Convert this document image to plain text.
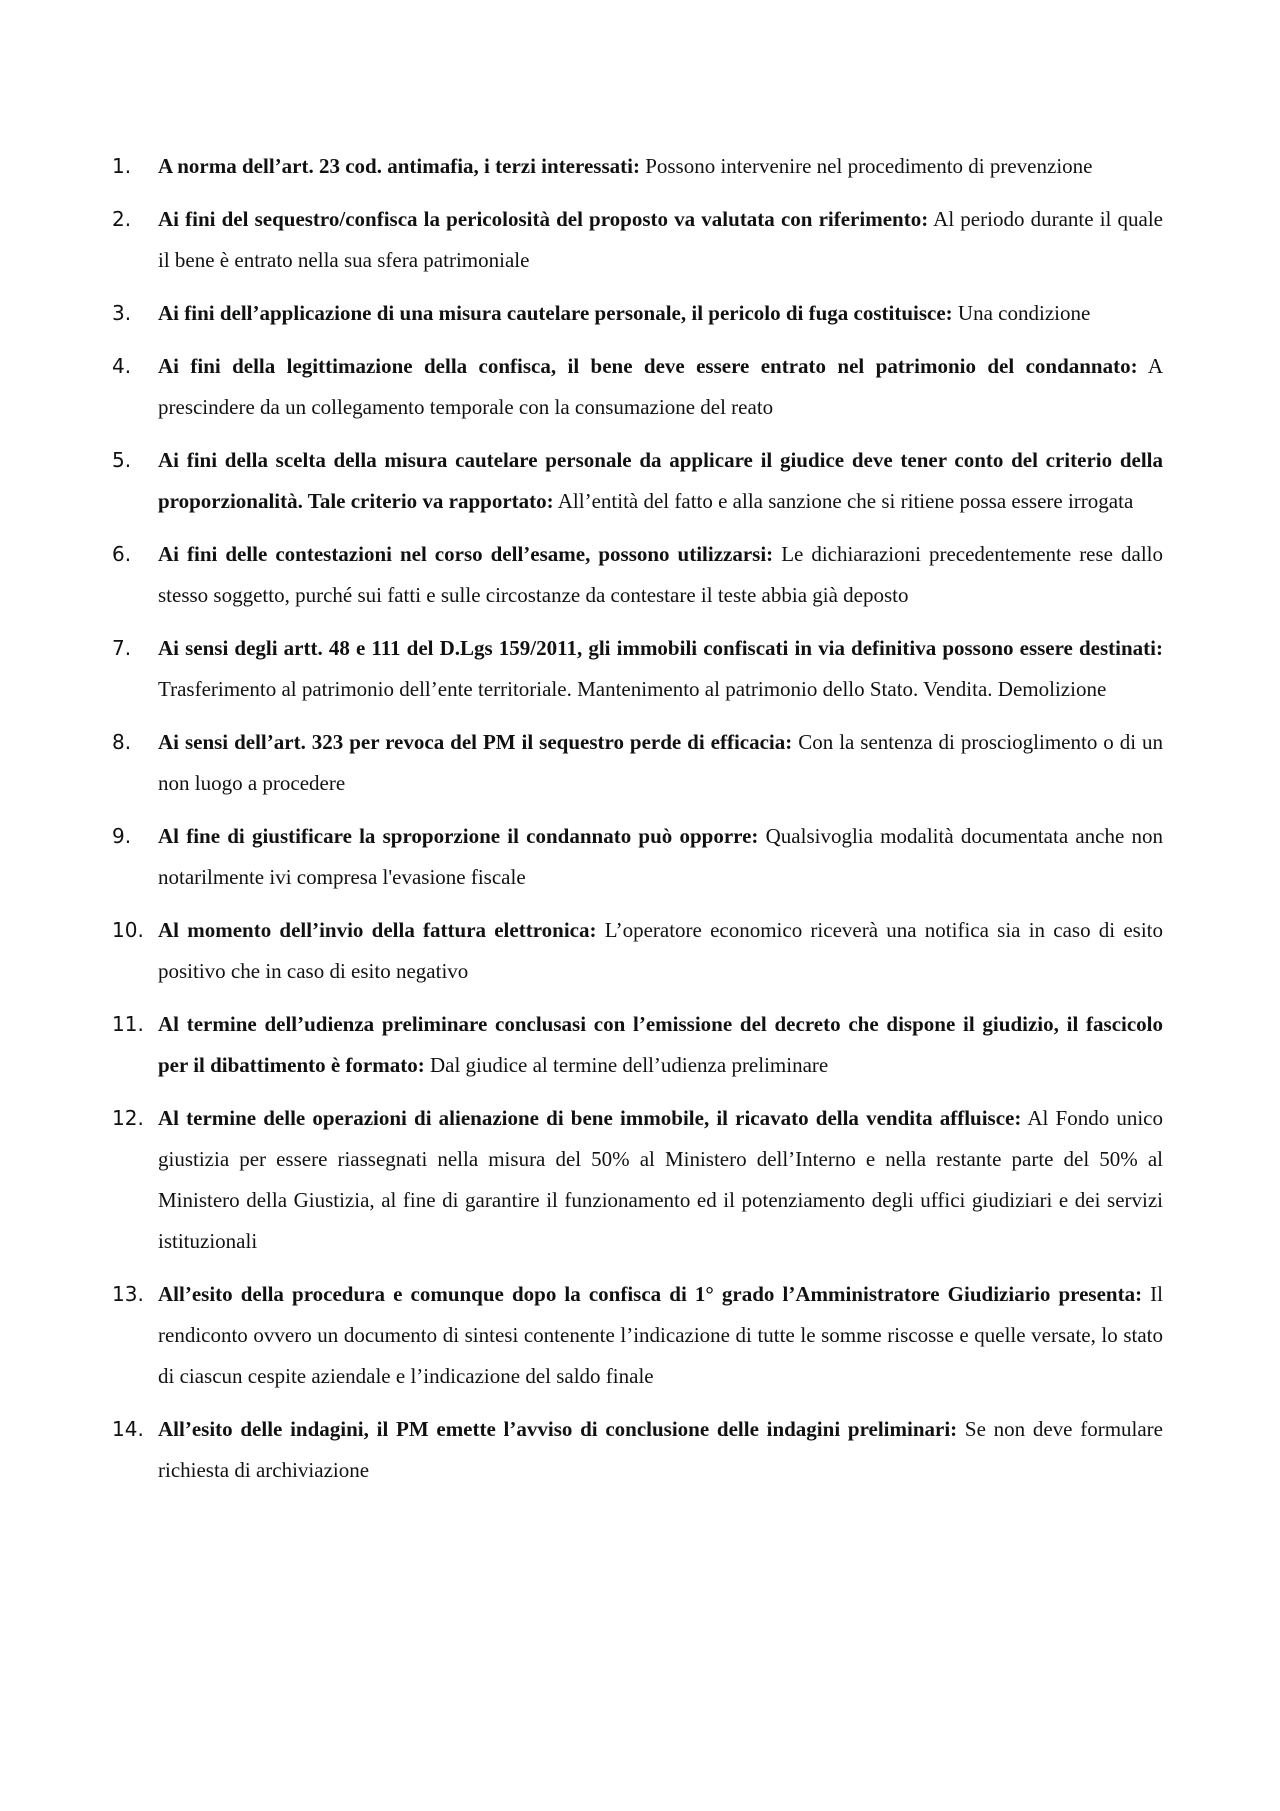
1.	A norma dell’art. 23 cod. antimafia, i terzi interessati: Possono intervenire nel procedimento di prevenzione

2.	Ai fini del sequestro/confisca la pericolosità del proposto va valutata con riferimento: Al periodo durante il quale il bene è entrato nella sua sfera patrimoniale

3.	Ai fini dell’applicazione di una misura cautelare personale, il pericolo di fuga costituisce: Una condizione

4.	Ai fini della legittimazione della confisca, il bene deve essere entrato nel patrimonio del condannato: A prescindere da un collegamento temporale con la consumazione del reato

5.	Ai fini della scelta della misura cautelare personale da applicare il giudice deve tener conto del criterio della proporzionalità. Tale criterio va rapportato: All’entità del fatto e alla sanzione che si ritiene possa essere irrogata

6.	Ai fini delle contestazioni nel corso dell’esame, possono utilizzarsi: Le dichiarazioni precedentemente rese dallo stesso soggetto, purché sui fatti e sulle circostanze da contestare il teste abbia già deposto

7.	Ai sensi degli artt. 48 e 111 del D.Lgs 159/2011, gli immobili confiscati in via definitiva possono essere destinati: Trasferimento al patrimonio dell’ente territoriale. Mantenimento al patrimonio dello Stato. Vendita. Demolizione

8.	Ai sensi dell’art. 323 per revoca del PM il sequestro perde di efficacia: Con la sentenza di proscioglimento o di un non luogo a procedere

9.	Al fine di giustificare la sproporzione il condannato può opporre: Qualsivoglia modalità documentata anche non notarilmente ivi compresa l'evasione fiscale

10. Al momento dell’invio della fattura elettronica: L’operatore economico riceverà una notifica sia in caso di esito positivo che in caso di esito negativo

11. Al termine dell’udienza preliminare conclusasi con l’emissione del decreto che dispone il giudizio, il fascicolo per il dibattimento è formato: Dal giudice al termine dell’udienza preliminare

12. Al termine delle operazioni di alienazione di bene immobile, il ricavato della vendita affluisce: Al Fondo unico giustizia per essere riassegnati nella misura del 50% al Ministero dell’Interno e nella restante parte del 50% al Ministero della Giustizia, al fine di garantire il funzionamento ed il potenziamento degli uffici giudiziari e dei servizi istituzionali

13. All’esito della procedura e comunque dopo la confisca di 1° grado l’Amministratore Giudiziario presenta: Il rendiconto ovvero un documento di sintesi contenente l’indicazione di tutte le somme riscosse e quelle versate, lo stato di ciascun cespite aziendale e l’indicazione del saldo finale

14. All’esito delle indagini, il PM emette l’avviso di conclusione delle indagini preliminari: Se non deve formulare richiesta di archiviazione
